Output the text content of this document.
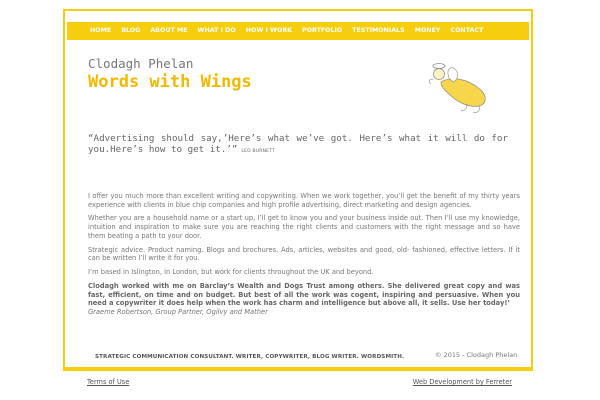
HOME	BLOG	ABOUT ME	WHAT I DO	HOW I WORK	PORTFOLIO	TESTIMONIALS	MONEY	CONTACT
Clodagh Phelan
Words with Wings
“Advertising should say,’Here’s what we’ve got. Here’s what it will do for you.Here’s how to get it.’” LEO BURNETT

I offer you much more than excellent writing and copywriting. When we work together, you’ll get the benefit of my thirty years experience with clients in blue chip companies and high profile advertising, direct marketing and design agencies.

Whether you are a household name or a start up, I’ll get to know you and your business inside out. Then I’ll use my knowledge, intuition and inspiration to make sure you are reaching the right clients and customers with the right message and so have them beating a path to your door.

Strategic advice. Product naming. Blogs and brochures. Ads, articles, websites and good, old- fashioned, effective letters. If it can be written I’ll write it for you.

I’m based in Islington, in London, but work for clients throughout the UK and beyond.

Clodagh worked with me on Barclay’s Wealth and Dogs Trust among others. She delivered great copy and was fast, efficient, on time and on budget. But best of all the work was cogent, inspiring and persuasive. When you need a copywriter it does help when the work has charm and intelligence but above all, it sells. Use her today!’

Graeme Robertson, Group Partner, Ogilvy and Mather

STRATEGIC COMMUNICATION CONSULTANT. WRITER, COPYWRITER, BLOG WRITER. WORDSMITH.	© 2015 - Clodagh Phelan
Terms of Use	Web Development by Ferreter
